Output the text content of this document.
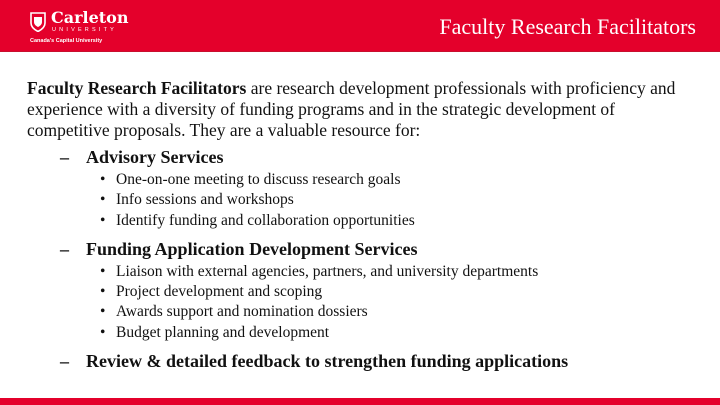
Carleton
UNIVERSITY
Canada's Capital University
Faculty Research Facilitators

Faculty Research Facilitators are research development professionals with proficiency and experience with a diversity of funding programs and in the strategic development of competitive proposals. They are a valuable resource for:

– Advisory Services
• One-on-one meeting to discuss research goals
• Info sessions and workshops
• Identify funding and collaboration opportunities
– Funding Application Development Services
• Liaison with external agencies, partners, and university departments
• Project development and scoping
• Awards support and nomination dossiers
• Budget planning and development
– Review & detailed feedback to strengthen funding applications
